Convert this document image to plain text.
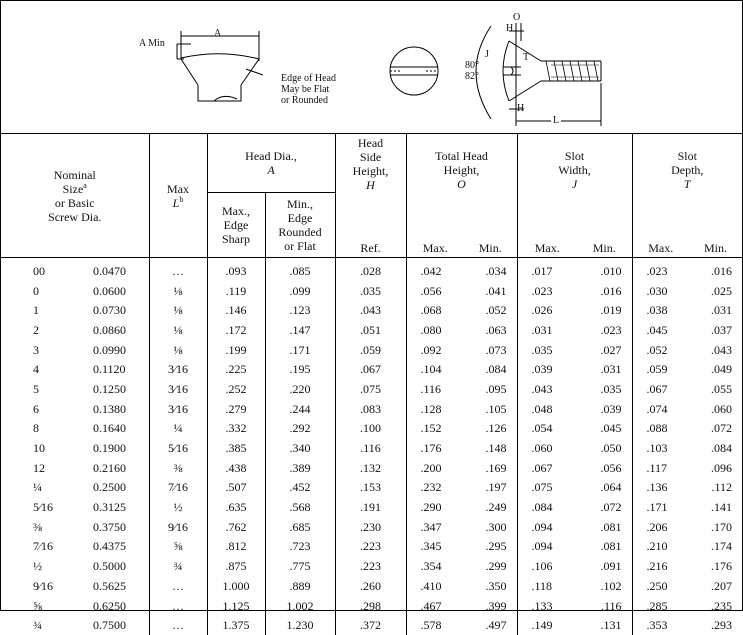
A
A Min
Edge of Head
May be Flat
or Rounded
80°
82°
O
H
J	T
H
L
Nominal
Size$^a$
or Basic
Screw Dia.		Max
$L^b$	Head Dia.,
A		Head
Side
Height,
H	Total Head
Height,
O		Slot
Width,
J		Slot
Depth,
T	
			Max.,
Edge
Sharp	Min.,
Edge
Rounded
or Flat	Ref.	Max.	Min.	Max.	Min.	Max.	Min.
00	0.0470	…	.093	.085	.028	.042	.034	.017	.010	.023	.016
0	0.0600	⅛	.119	.099	.035	.056	.041	.023	.016	.030	.025
1	0.0730	⅛	.146	.123	.043	.068	.052	.026	.019	.038	.031
2	0.0860	⅛	.172	.147	.051	.080	.063	.031	.023	.045	.037
3	0.0990	⅛	.199	.171	.059	.092	.073	.035	.027	.052	.043
4	0.1120	3⁄16	.225	.195	.067	.104	.084	.039	.031	.059	.049
5	0.1250	3⁄16	.252	.220	.075	.116	.095	.043	.035	.067	.055
6	0.1380	3⁄16	.279	.244	.083	.128	.105	.048	.039	.074	.060
8	0.1640	¼	.332	.292	.100	.152	.126	.054	.045	.088	.072
10	0.1900	5⁄16	.385	.340	.116	.176	.148	.060	.050	.103	.084
12	0.2160	⅜	.438	.389	.132	.200	.169	.067	.056	.117	.096
¼	0.2500	7⁄16	.507	.452	.153	.232	.197	.075	.064	.136	.112
5⁄16	0.3125	½	.635	.568	.191	.290	.249	.084	.072	.171	.141
⅜	0.3750	9⁄16	.762	.685	.230	.347	.300	.094	.081	.206	.170
7⁄16	0.4375	⅝	.812	.723	.223	.345	.295	.094	.081	.210	.174
½	0.5000	¾	.875	.775	.223	.354	.299	.106	.091	.216	.176
9⁄16	0.5625	…	1.000	.889	.260	.410	.350	.118	.102	.250	.207
⅝	0.6250	…	1.125	1.002	.298	.467	.399	.133	.116	.285	.235
¾	0.7500	…	1.375	1.230	.372	.578	.497	.149	.131	.353	.293
